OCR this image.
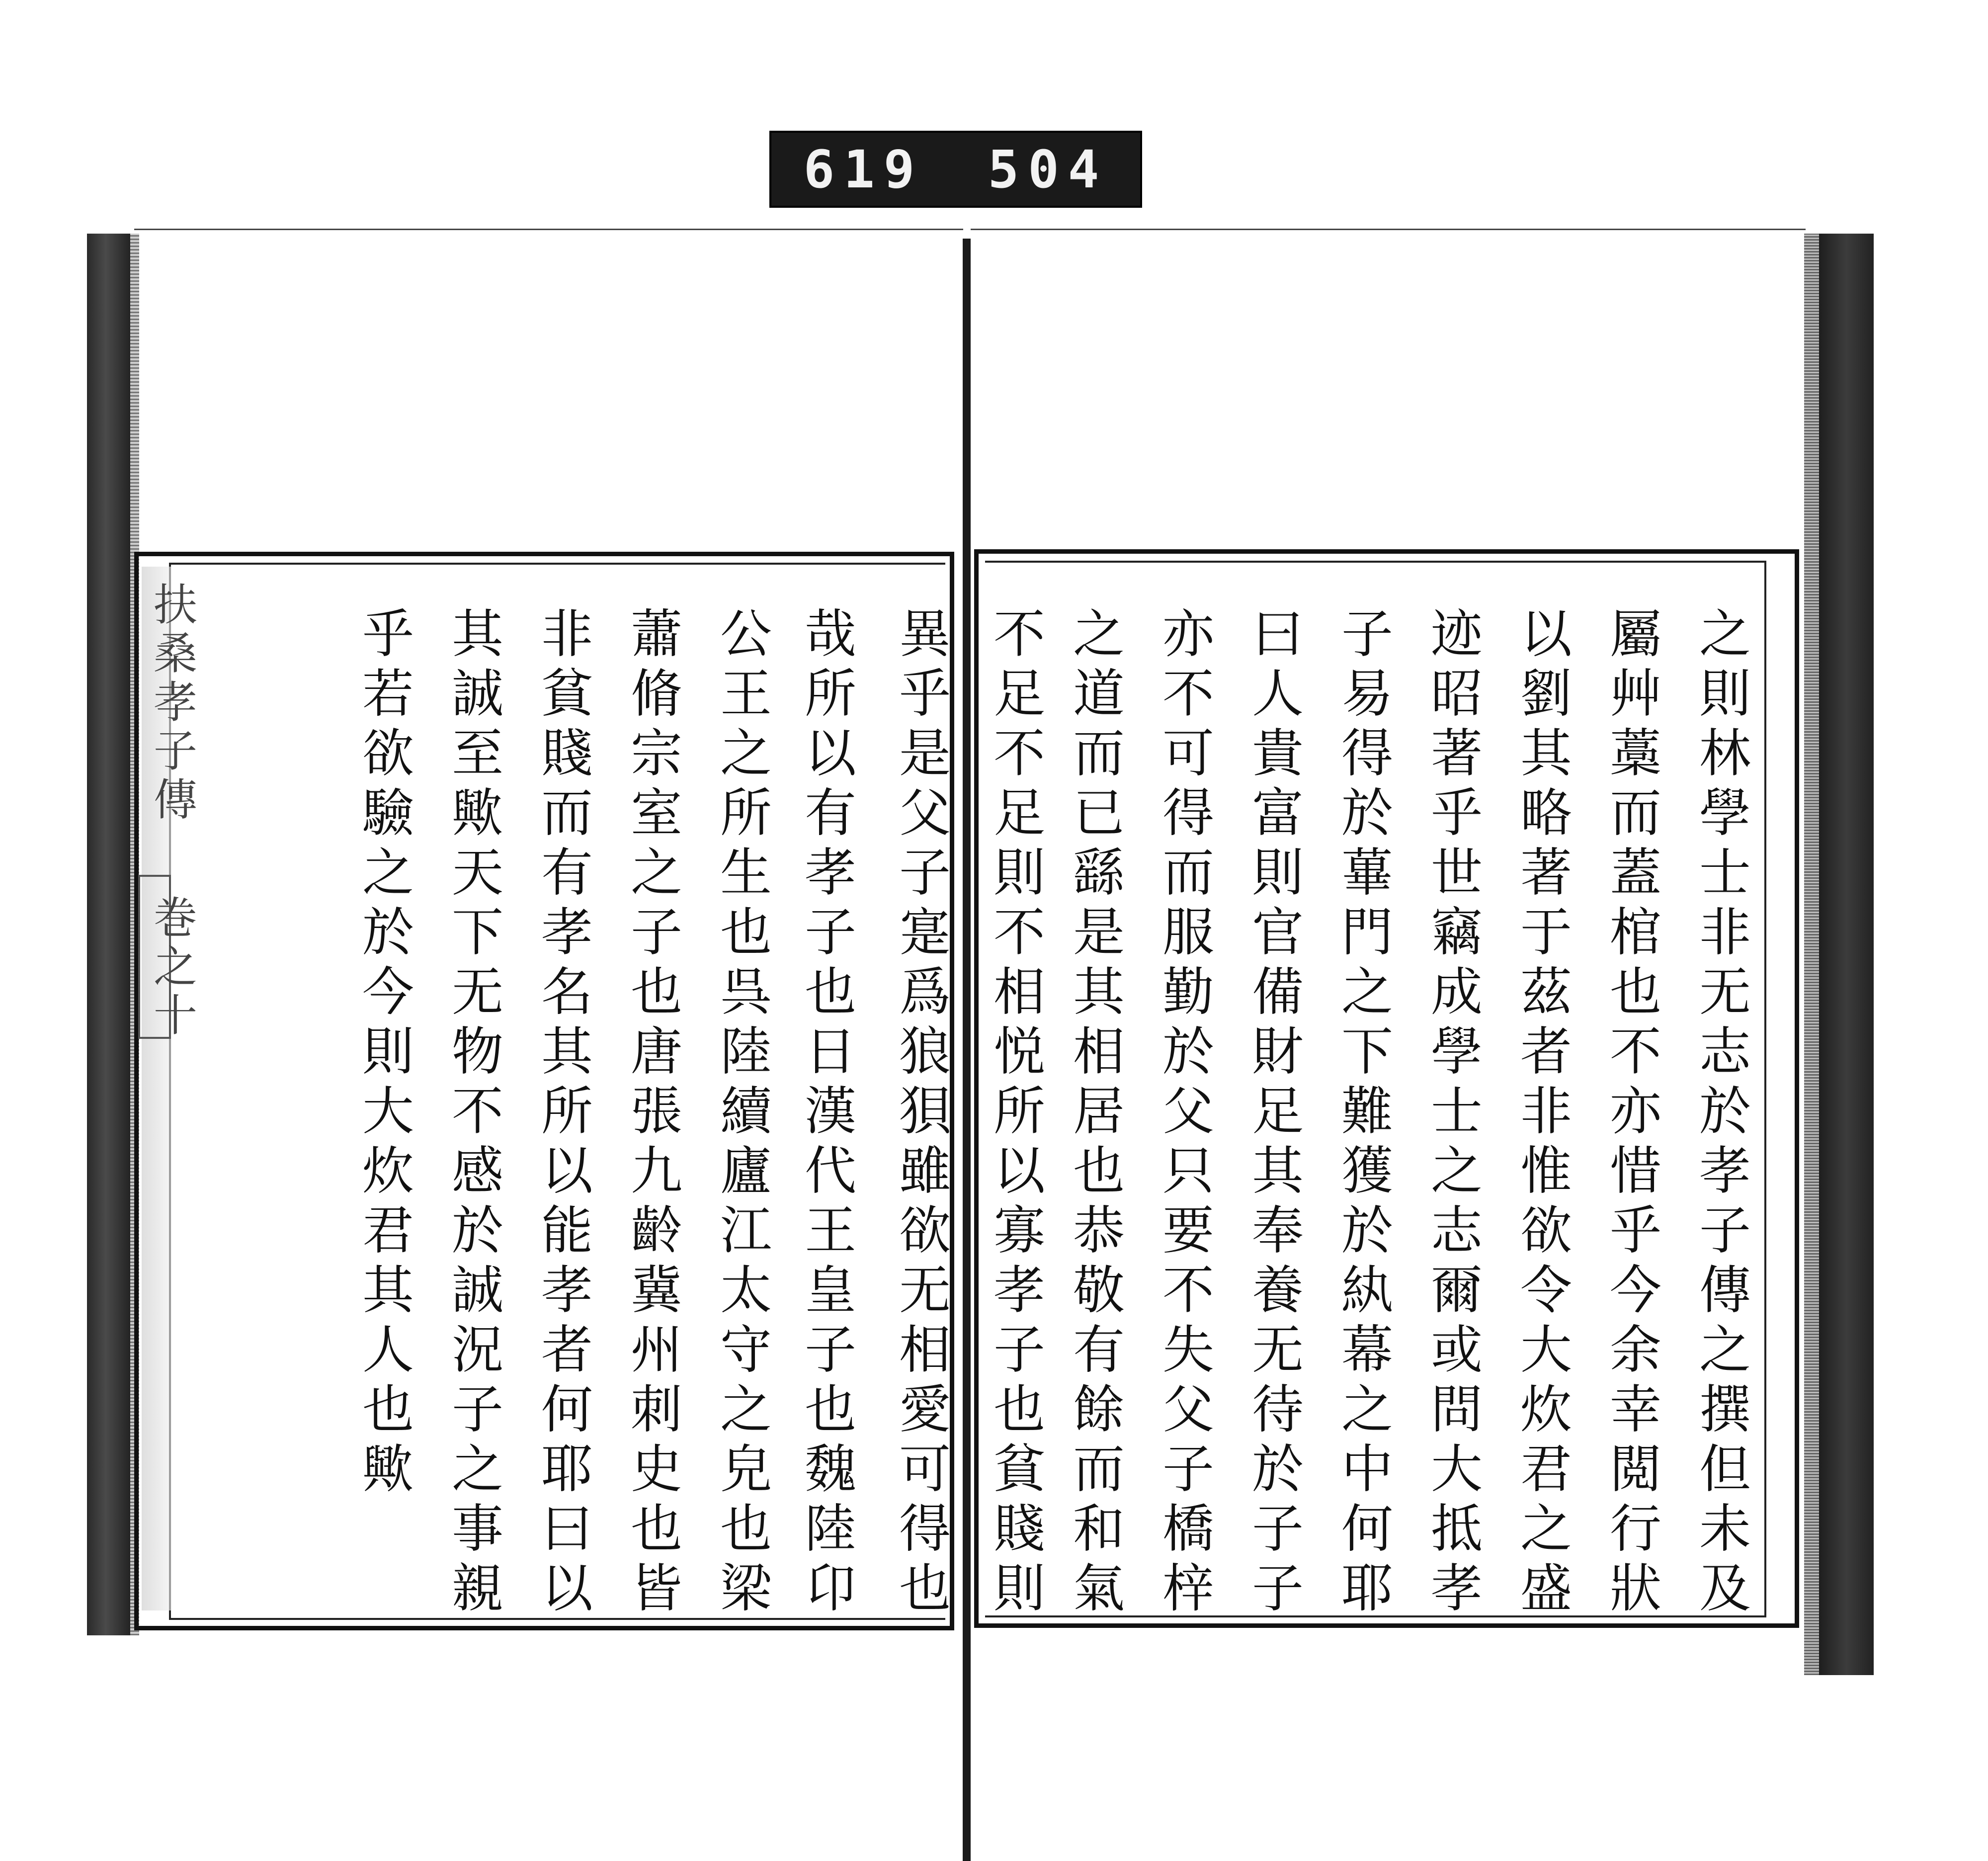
619 504
扶桑孝子傳
巻之十	異乎是父子寔爲狼狽雖欲无相愛可得也
哉所以有孝子也日漢代王皇子也魏陸卬
公王之所生也呉陸續廬江太守之皃也梁
蕭脩宗室之子也唐張九齡冀州刺史也皆
非貧賤而有孝名其所以能孝者何耶曰以
其誠至歟天下无物不感於誠況子之事親
乎若欲驗之於今則大炊君其人也歟	之則林學士非无志於孝子傳之撰但未及
屬艸藁而蓋棺也不亦惜乎今余幸閲行狀
以劉其略著于茲者非惟欲令大炊君之盛
迹昭著乎世竊成學士之志爾或問大抵孝
子易得於蓽門之下難獲於紈幕之中何耶
曰人貴富則官備財足其奉養无待於子子
亦不可得而服勤於父只要不失父子橋梓
之道而已繇是其相居也恭敬有餘而和氣
不足不足則不相悦所以寡孝子也貧賤則
